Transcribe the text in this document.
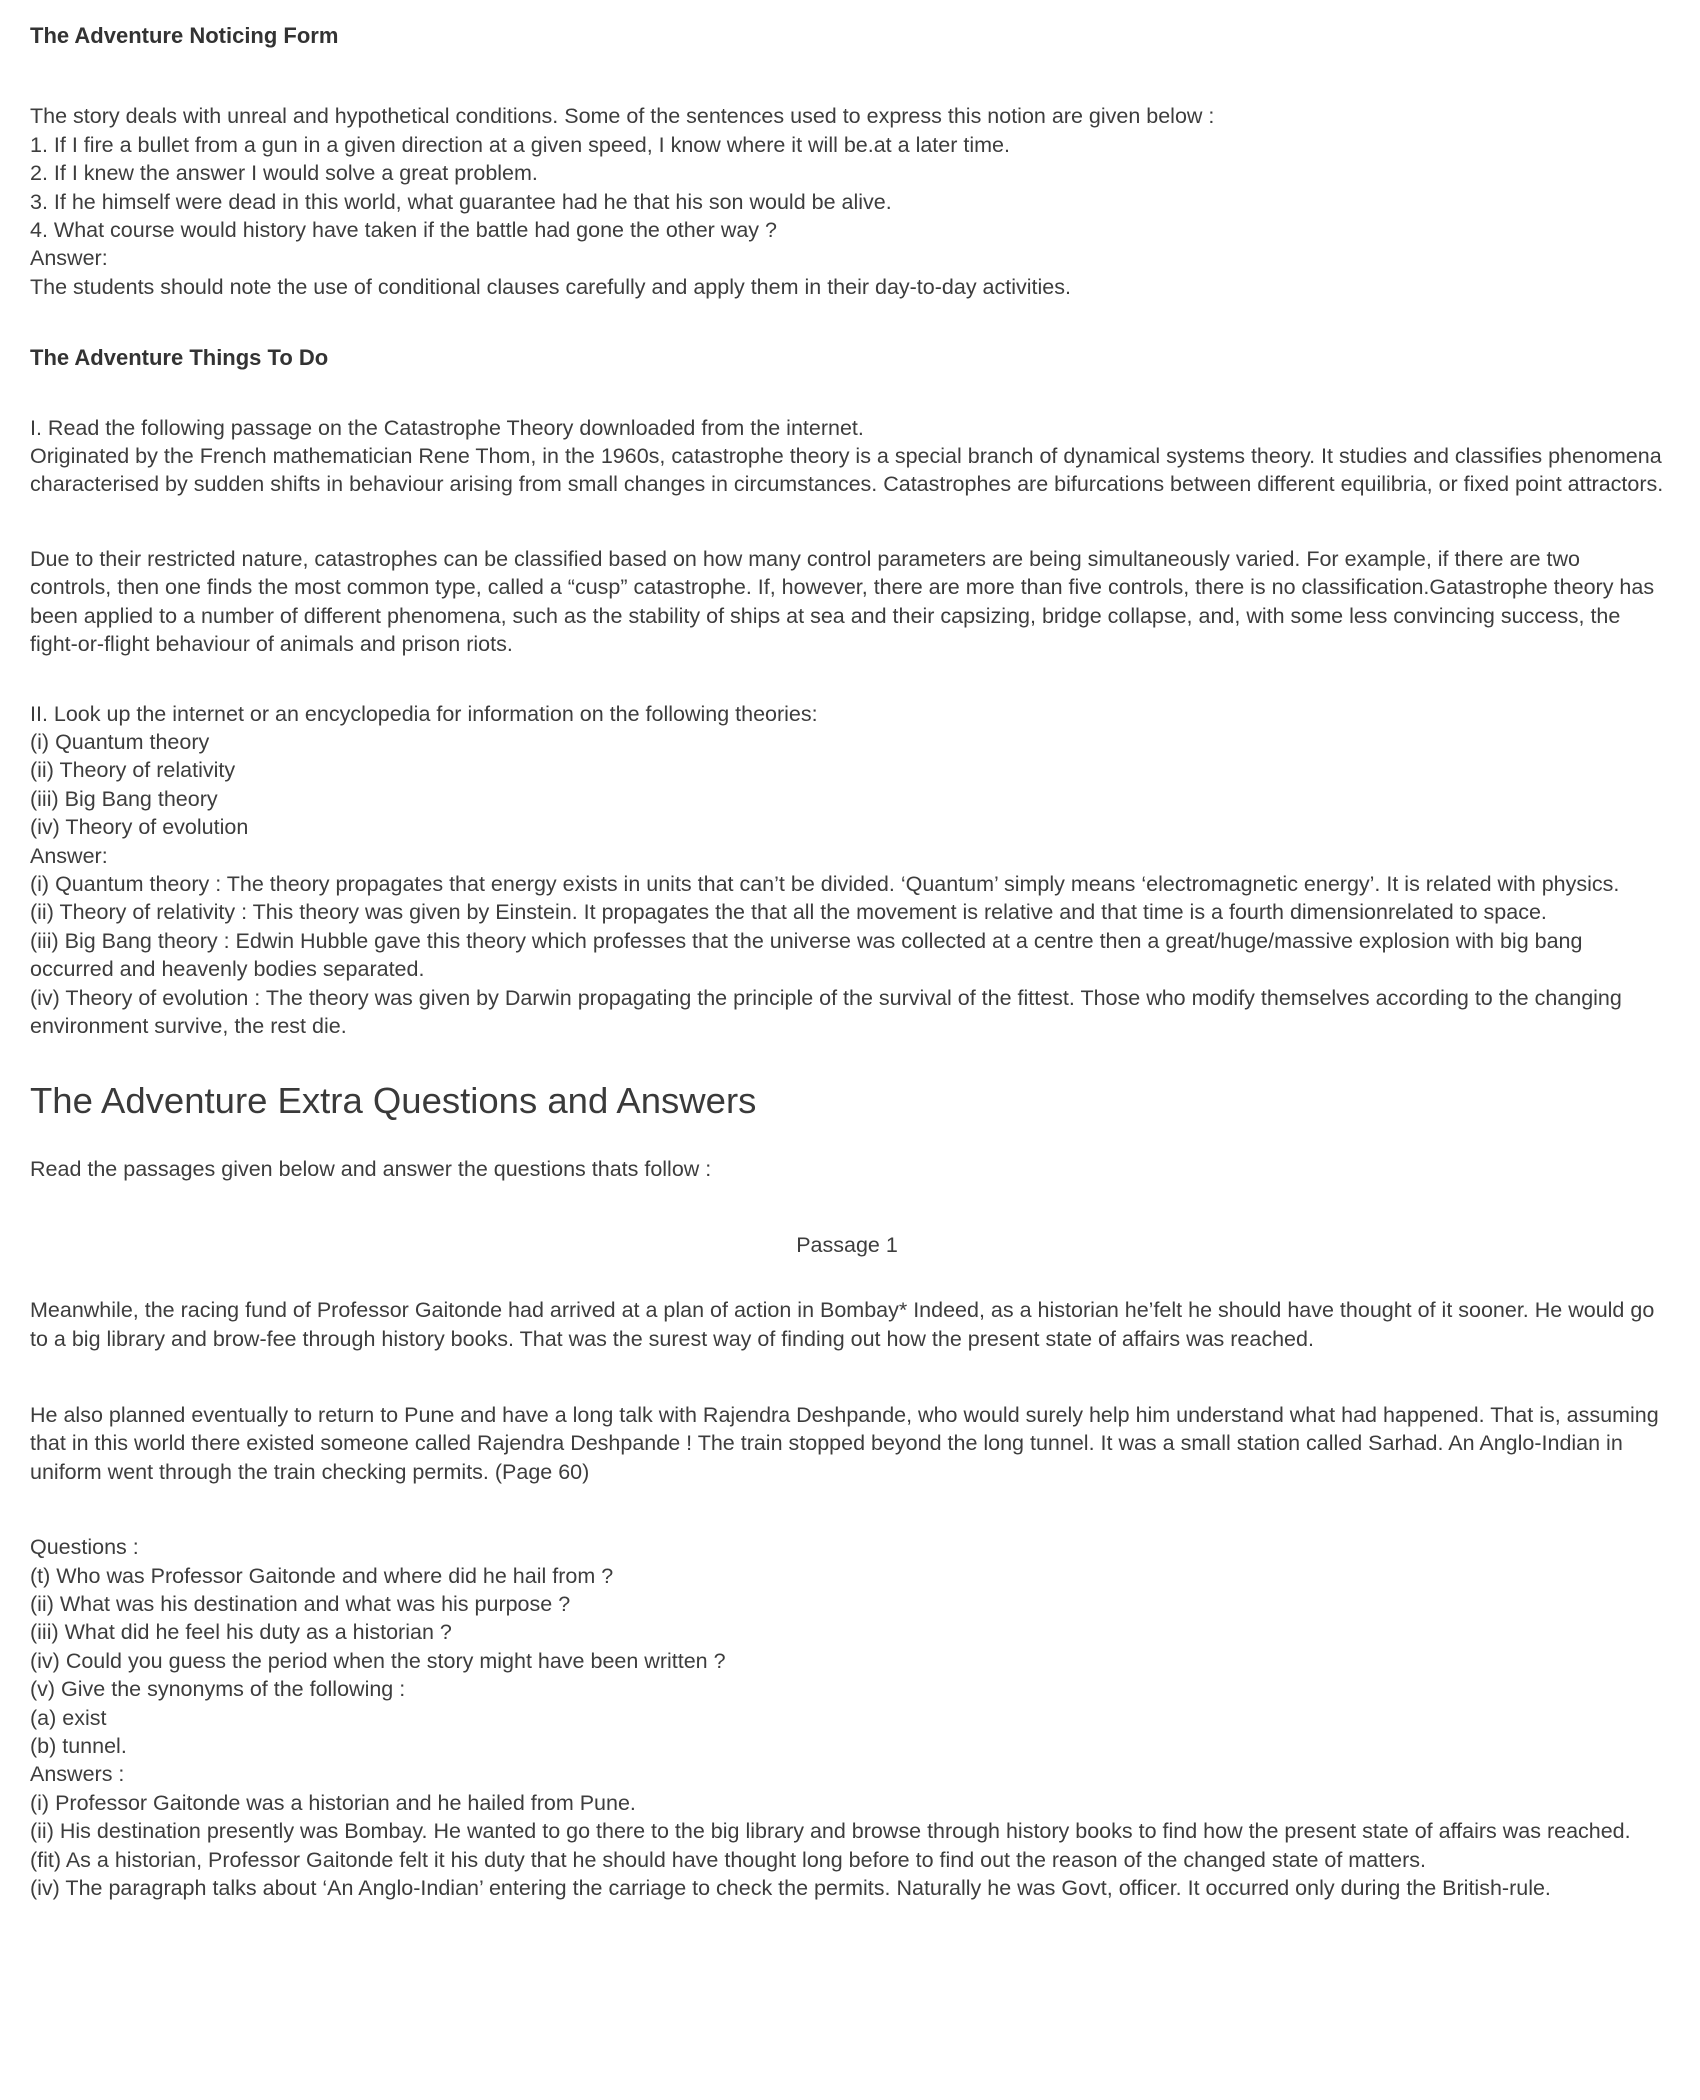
The Adventure Noticing Form
The story deals with unreal and hypothetical conditions. Some of the sentences used to express this notion are given below :
1. If I fire a bullet from a gun in a given direction at a given speed, I know where it will be.at a later time.
2. If I knew the answer I would solve a great problem.
3. If he himself were dead in this world, what guarantee had he that his son would be alive.
4. What course would history have taken if the battle had gone the other way ?
Answer:
The students should note the use of conditional clauses carefully and apply them in their day-to-day activities.
The Adventure Things To Do
I. Read the following passage on the Catastrophe Theory downloaded from the internet.
Originated by the French mathematician Rene Thom, in the 1960s, catastrophe theory is a special branch of dynamical systems theory. It studies and classifies phenomena characterised by sudden shifts in behaviour arising from small changes in circumstances. Catastrophes are bifurcations between different equilibria, or fixed point attractors.
Due to their restricted nature, catastrophes can be classified based on how many control parameters are being simultaneously varied. For example, if there are two controls, then one finds the most common type, called a “cusp” catastrophe. If, however, there are more than five controls, there is no classification.Gatastrophe theory has been applied to a number of different phenomena, such as the stability of ships at sea and their capsizing, bridge collapse, and, with some less convincing success, the fight-or-flight behaviour of animals and prison riots.
II. Look up the internet or an encyclopedia for information on the following theories:
(i) Quantum theory
(ii) Theory of relativity
(iii) Big Bang theory
(iv) Theory of evolution
Answer:
(i) Quantum theory : The theory propagates that energy exists in units that can’t be divided. ‘Quantum’ simply means ‘electromagnetic energy’. It is related with physics.
(ii) Theory of relativity : This theory was given by Einstein. It propagates the that all the movement is relative and that time is a fourth dimensionrelated to space.
(iii) Big Bang theory : Edwin Hubble gave this theory which professes that the universe was collected at a centre then a great/huge/massive explosion with big bang occurred and heavenly bodies separated.
(iv) Theory of evolution : The theory was given by Darwin propagating the principle of the survival of the fittest. Those who modify themselves according to the changing environment survive, the rest die.
The Adventure Extra Questions and Answers
Read the passages given below and answer the questions thats follow :
Passage 1
Meanwhile, the racing fund of Professor Gaitonde had arrived at a plan of action in Bombay* Indeed, as a historian he’felt he should have thought of it sooner. He would go to a big library and brow-fee through history books. That was the surest way of finding out how the present state of affairs was reached.
He also planned eventually to return to Pune and have a long talk with Rajendra Deshpande, who would surely help him understand what had happened. That is, assuming that in this world there existed someone called Rajendra Deshpande ! The train stopped beyond the long tunnel. It was a small station called Sarhad. An Anglo-Indian in uniform went through the train checking permits. (Page 60)
Questions :
(t) Who was Professor Gaitonde and where did he hail from ?
(ii) What was his destination and what was his purpose ?
(iii) What did he feel his duty as a historian ?
(iv) Could you guess the period when the story might have been written ?
(v) Give the synonyms of the following :
(a) exist
(b) tunnel.
Answers :
(i) Professor Gaitonde was a historian and he hailed from Pune.
(ii) His destination presently was Bombay. He wanted to go there to the big library and browse through history books to find how the present state of affairs was reached.
(fit) As a historian, Professor Gaitonde felt it his duty that he should have thought long before to find out the reason of the changed state of matters.
(iv) The paragraph talks about ‘An Anglo-Indian’ entering the carriage to check the permits. Naturally he was Govt, officer. It occurred only during the British-rule.
